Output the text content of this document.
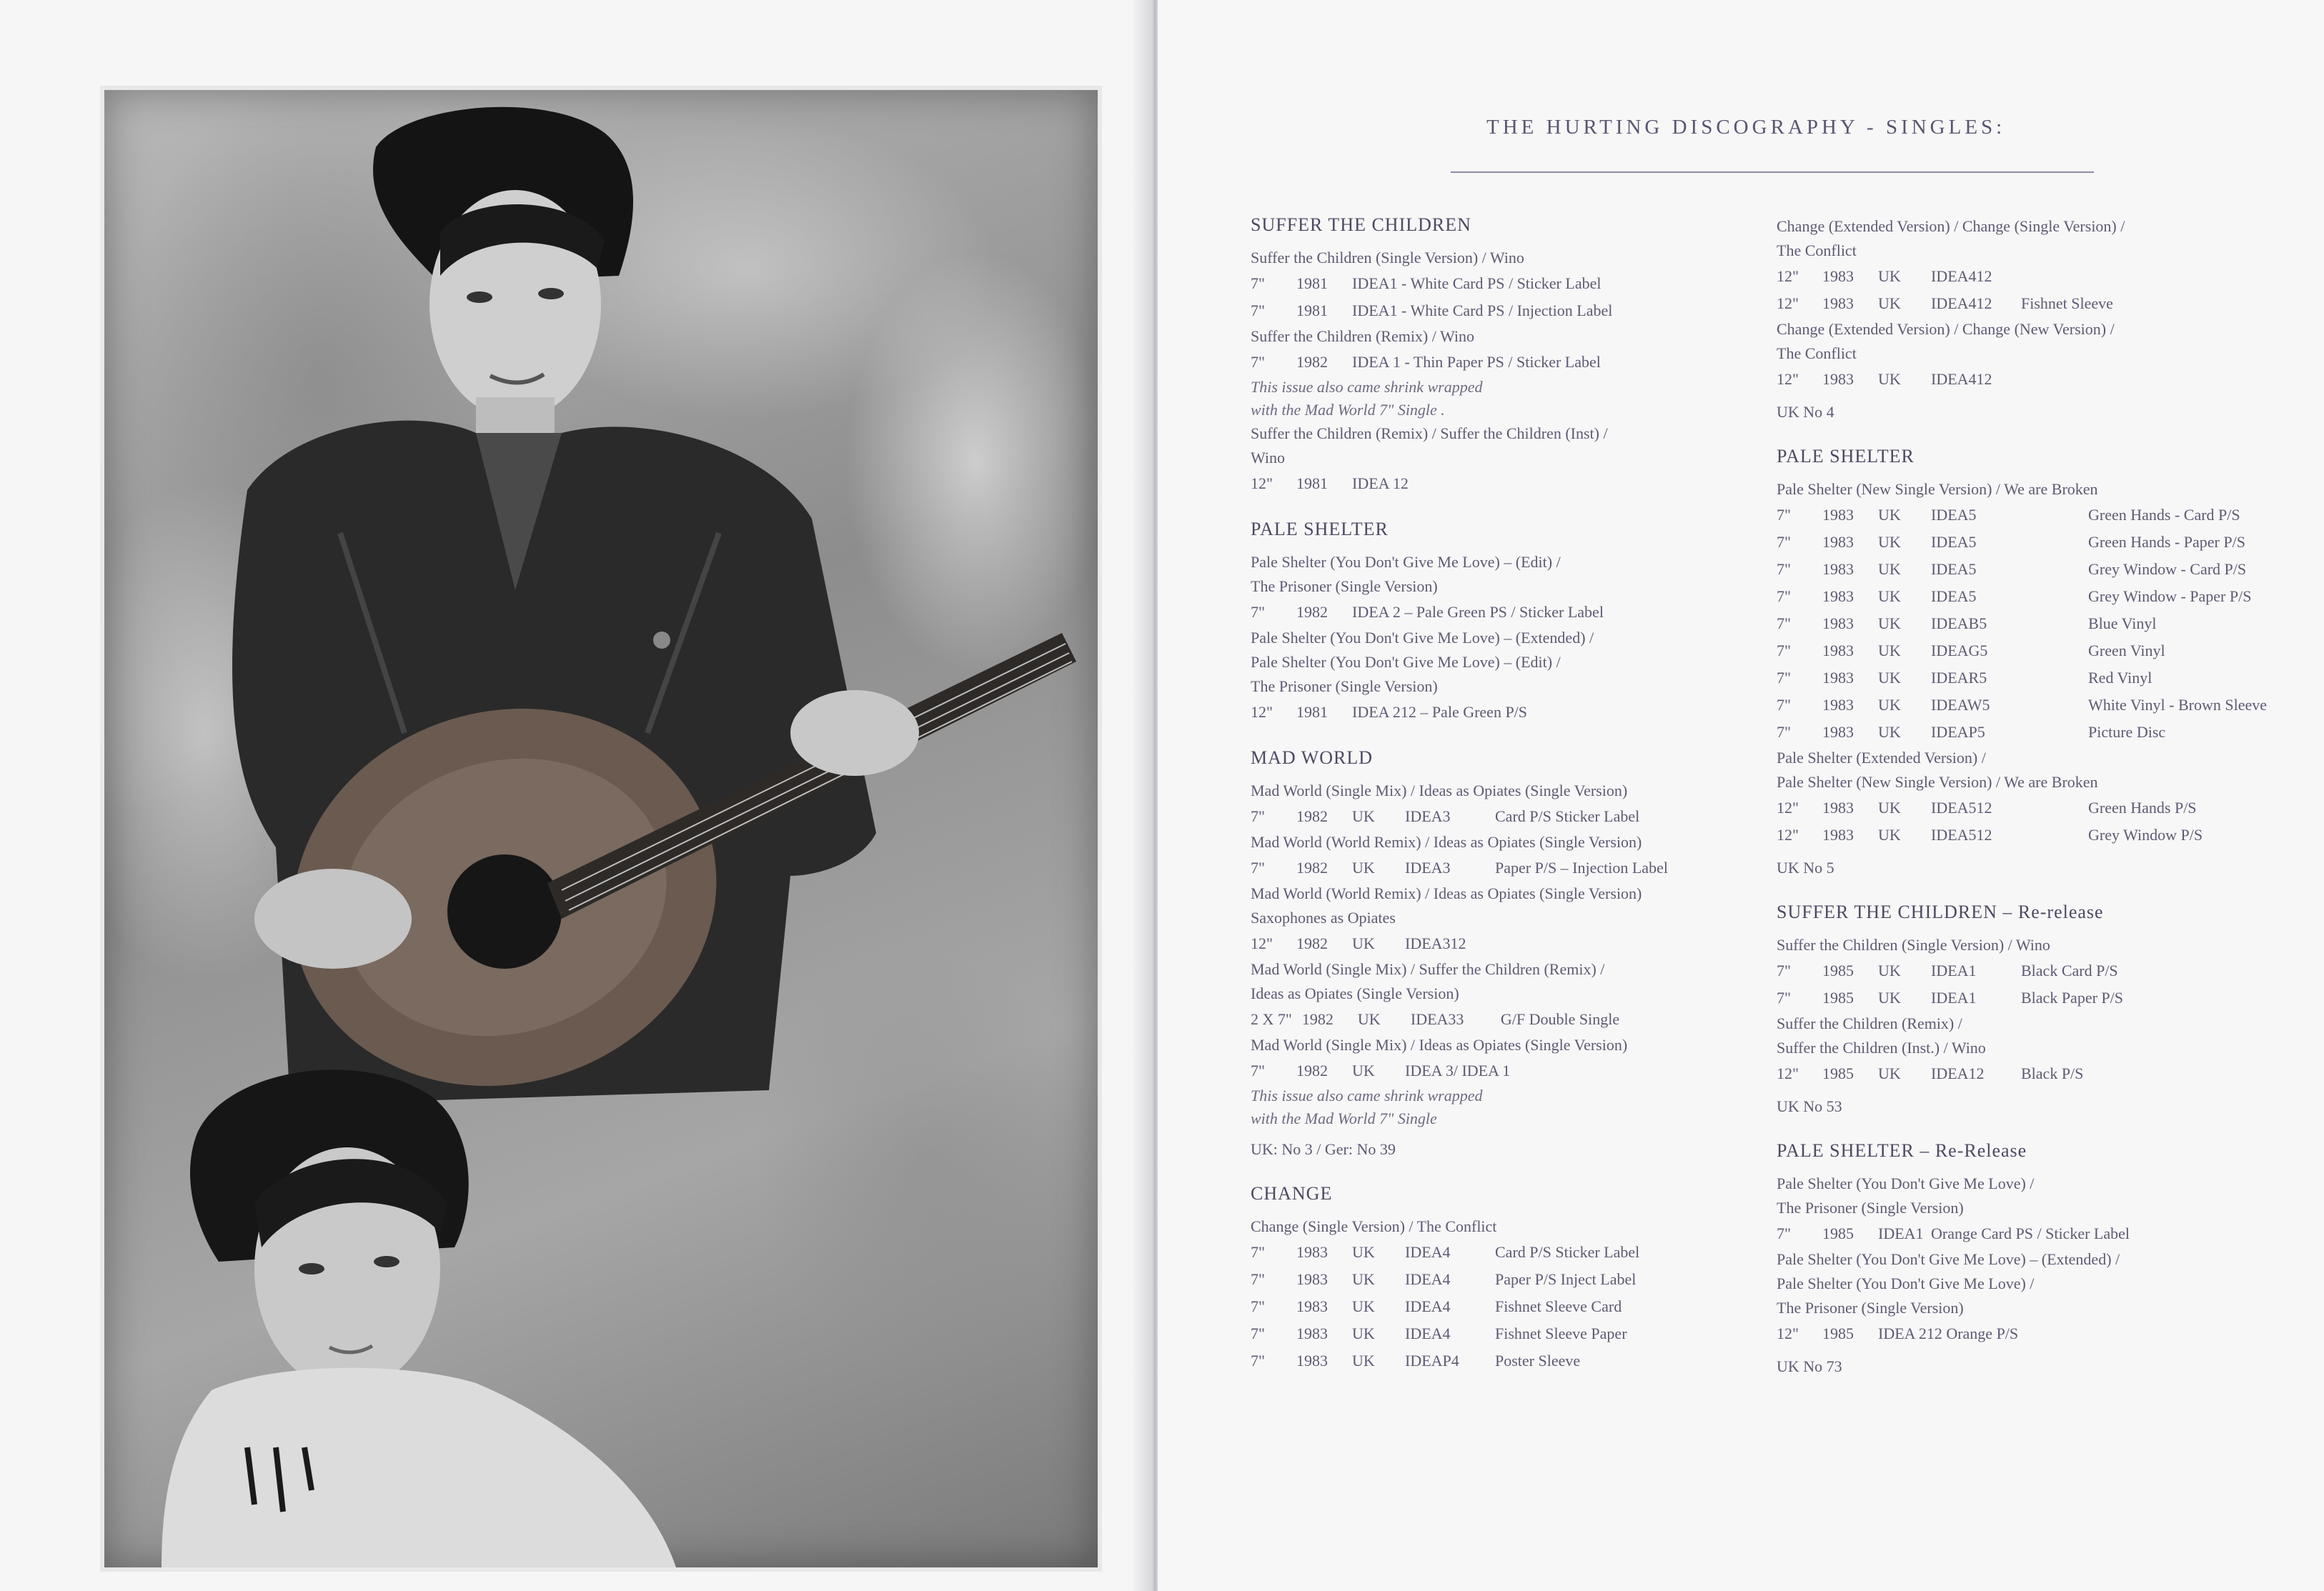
THE HURTING DISCOGRAPHY - SINGLES:
SUFFER THE CHILDREN
Suffer the Children (Single Version) / Wino
7" 1981 IDEA1 - White Card PS / Sticker Label
7" 1981 IDEA1 - White Card PS / Injection Label
Suffer the Children (Remix) / Wino
7" 1982 IDEA 1 - Thin Paper PS / Sticker Label
This issue also came shrink wrapped
with the Mad World 7" Single .
Suffer the Children (Remix) / Suffer the Children (Inst) /
Wino
12" 1981 IDEA 12
PALE SHELTER
Pale Shelter (You Don't Give Me Love) – (Edit) /
The Prisoner (Single Version)
7" 1982 IDEA 2 – Pale Green PS / Sticker Label
Pale Shelter (You Don't Give Me Love) – (Extended) /
Pale Shelter (You Don't Give Me Love) – (Edit) /
The Prisoner (Single Version)
12" 1981 IDEA 212 – Pale Green P/S
MAD WORLD
Mad World (Single Mix) / Ideas as Opiates (Single Version)
7" 1982 UK IDEA3	Card P/S Sticker Label
Mad World (World Remix) / Ideas as Opiates (Single Version)
7" 1982 UK IDEA3	Paper P/S – Injection Label
Mad World (World Remix) / Ideas as Opiates (Single Version)
Saxophones as Opiates
12" 1982 UK IDEA312
Mad World (Single Mix) / Suffer the Children (Remix) /
Ideas as Opiates (Single Version)
2 X 7" 1982 UK IDEA33 G/F Double Single
Mad World (Single Mix) / Ideas as Opiates (Single Version)
7" 1982 UK IDEA 3/ IDEA 1
This issue also came shrink wrapped
with the Mad World 7" Single
UK: No 3 / Ger: No 39
CHANGE
Change (Single Version) / The Conflict
7" 1983 UK IDEA4	Card P/S Sticker Label
7" 1983 UK IDEA4	Paper P/S Inject Label
7" 1983 UK IDEA4	Fishnet Sleeve Card
7" 1983 UK IDEA4	Fishnet Sleeve Paper
7" 1983 UK IDEAP4 Poster Sleeve
Change (Extended Version) / Change (Single Version) /
The Conflict
12" 1983 UK IDEA412
12" 1983 UK IDEA412 Fishnet Sleeve
Change (Extended Version) / Change (New Version) /
The Conflict
12" 1983 UK IDEA412
UK No 4
PALE SHELTER
Pale Shelter (New Single Version) / We are Broken
7" 1983 UK IDEA5	Green Hands - Card P/S
7" 1983 UK IDEA5	Green Hands - Paper P/S
7" 1983 UK IDEA5	Grey Window - Card P/S
7" 1983 UK IDEA5	Grey Window - Paper P/S
7" 1983 UK IDEAB5	Blue Vinyl
7" 1983 UK IDEAG5	Green Vinyl
7" 1983 UK IDEAR5	Red Vinyl
7" 1983 UK IDEAW5	White Vinyl - Brown Sleeve
7" 1983 UK IDEAP5	Picture Disc
Pale Shelter (Extended Version) /
Pale Shelter (New Single Version) / We are Broken
12" 1983 UK IDEA512	Green Hands P/S
12" 1983 UK IDEA512	Grey Window P/S
UK No 5
SUFFER THE CHILDREN – Re-release
Suffer the Children (Single Version) / Wino
7" 1985 UK IDEA1	Black Card P/S
7" 1985 UK IDEA1	Black Paper P/S
Suffer the Children (Remix) /
Suffer the Children (Inst.) / Wino
12" 1985 UK IDEA12 Black P/S
UK No 53
PALE SHELTER – Re-Release
Pale Shelter (You Don't Give Me Love) /
The Prisoner (Single Version)
7" 1985 IDEA1 Orange Card PS / Sticker Label
Pale Shelter (You Don't Give Me Love) – (Extended) /
Pale Shelter (You Don't Give Me Love) /
The Prisoner (Single Version)
12" 1985 IDEA 212 Orange P/S
UK No 73
